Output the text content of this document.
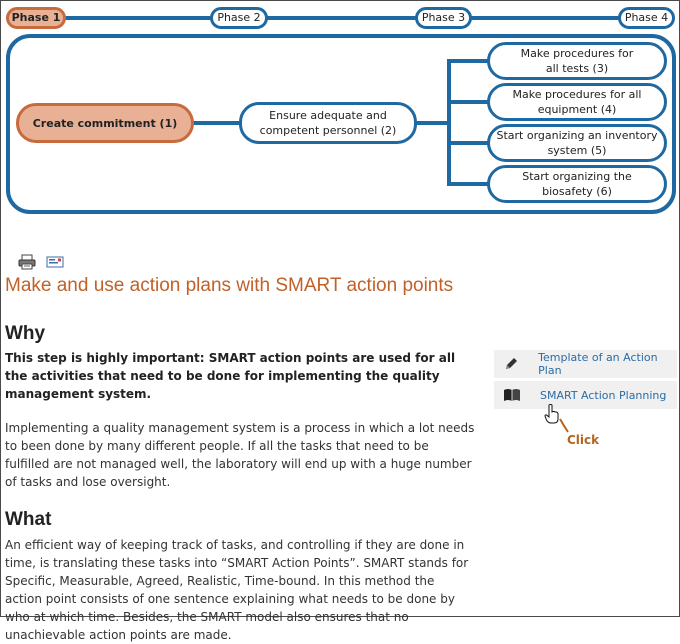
Phase 1	Phase 2	Phase 3	Phase 4
Create commitment (1)
Ensure adequate and
competent personnel (2)
Make procedures for
all tests (3)
Make procedures for all
equipment (4)
Start organizing an inventory
system (5)
Start organizing the
biosafety (6)
Make and use action plans with SMART action points
Why
This step is highly important: SMART action points are used for all the activities that need to be done for implementing the quality management system.
Implementing a quality management system is a process in which a lot needs to been done by many different people. If all the tasks that need to be fulfilled are not managed well, the laboratory will end up with a huge number of tasks and lose oversight.
What
An efficient way of keeping track of tasks, and controlling if they are done in time, is translating these tasks into “SMART Action Points”. SMART stands for Specific, Measurable, Agreed, Realistic, Time-bound. In this method the action point consists of one sentence explaining what needs to be done by who at which time. Besides, the SMART model also ensures that no unachievable action points are made.
Template of an Action Plan
SMART Action Planning
Click
